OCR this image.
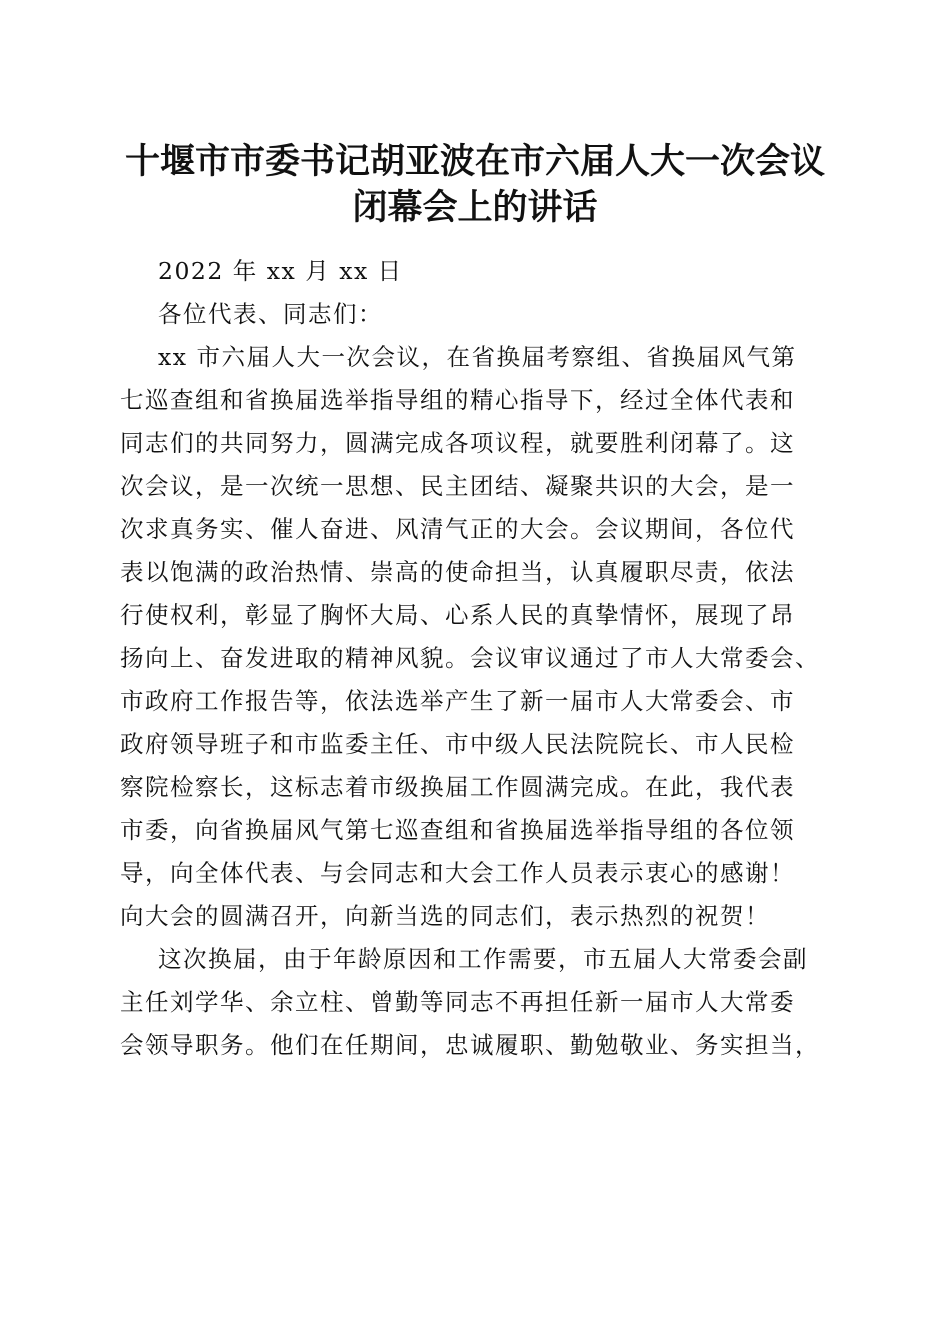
十堰市市委书记胡亚波在市六届人大一次会议
闭幕会上的讲话
2022 年 xx 月 xx 日
各位代表、同志们：
xx 市六届人大一次会议，在省换届考察组、省换届风气第
七巡查组和省换届选举指导组的精心指导下，经过全体代表和
同志们的共同努力，圆满完成各项议程，就要胜利闭幕了。这
次会议，是一次统一思想、民主团结、凝聚共识的大会，是一
次求真务实、催人奋进、风清气正的大会。会议期间，各位代
表以饱满的政治热情、崇高的使命担当，认真履职尽责，依法
行使权利，彰显了胸怀大局、心系人民的真挚情怀，展现了昂
扬向上、奋发进取的精神风貌。会议审议通过了市人大常委会、
市政府工作报告等，依法选举产生了新一届市人大常委会、市
政府领导班子和市监委主任、市中级人民法院院长、市人民检
察院检察长，这标志着市级换届工作圆满完成。在此，我代表
市委，向省换届风气第七巡查组和省换届选举指导组的各位领
导，向全体代表、与会同志和大会工作人员表示衷心的感谢！
向大会的圆满召开，向新当选的同志们，表示热烈的祝贺！
这次换届，由于年龄原因和工作需要，市五届人大常委会副
主任刘学华、余立柱、曾勤等同志不再担任新一届市人大常委
会领导职务。他们在任期间，忠诚履职、勤勉敬业、务实担当，
